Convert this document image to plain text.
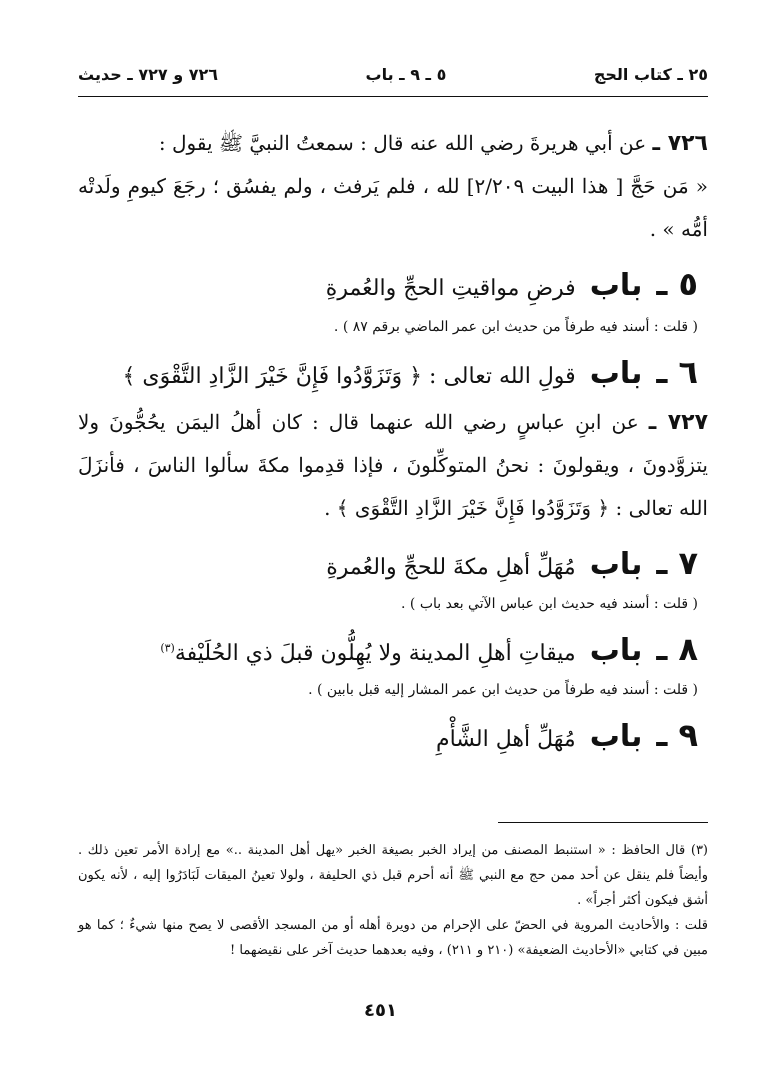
٢٥ ـ كتاب الحج
٥ ـ ٩ ـ باب
٧٢٦ و ٧٢٧ ـ حديث

٧٢٦ ـ عن أبي هريرةَ رضي الله عنه قال : سمعتُ النبيَّ ﷺ يقول :

« مَن حَجَّ [ هذا البيت ٢/٢٠٩] لله ، فلم يَرفث ، ولم يفسُق ؛ رجَعَ كيومِ ولَدتْه أمُّه » .

٥ ـ
باب
فرضِ مواقيتِ الحجِّ والعُمرةِ

( قلت : أسند فيه طرفاً من حديث ابن عمر الماضي برقم ٨٧ ) .

٦ ـ
باب
قولِ الله تعالى : ﴿ وَتَزَوَّدُوا فَإِنَّ خَيْرَ الزَّادِ التَّقْوَى ﴾

٧٢٧ ـ عن ابنِ عباسٍ رضي الله عنهما قال : كان أهلُ اليمَن يحُجُّونَ ولا يتزوَّدونَ ، ويقولونَ : نحنُ المتوكِّلونَ ، فإذا قدِموا مكةَ سألوا الناسَ ، فأنزَلَ الله تعالى : ﴿ وَتَزَوَّدُوا فَإِنَّ خَيْرَ الزَّادِ التَّقْوَى ﴾ .

٧ ـ
باب
مُهَلِّ أهلِ مكةَ للحجِّ والعُمرةِ

( قلت : أسند فيه حديث ابن عباس الآتي بعد باب ) .

٨ ـ
باب
ميقاتِ أهلِ المدينة ولا يُهِلُّون قبلَ ذي الحُلَيْفة$^{(٣)}$

( قلت : أسند فيه طرفاً من حديث ابن عمر المشار إليه قبل بابين ) .

٩ ـ
باب
مُهَلِّ أهلِ الشَّأْمِ

(٣) قال الحافظ : « استنبط المصنف من إيراد الخبر بصيغة الخبر «يهل أهل المدينة ..» مع إرادة الأمر تعين ذلك . وأيضاً فلم ينقل عن أحد ممن حج مع النبي ﷺ أنه أحرم قبل ذي الحليفة ، ولولا تعينُ الميقات لَبَادَرُوا إليه ، لأنه يكون أشق فيكون أكثر أجراً» .

قلت : والأحاديث المروية في الحضّ على الإحرام من دويرة أهله أو من المسجد الأقصى لا يصح منها شيءٌ ؛ كما هو مبين في كتابي «الأحاديث الضعيفة» (٢١٠ و ٢١١) ، وفيه بعدهما حديث آخر على نقيضهما !

٤٥١
